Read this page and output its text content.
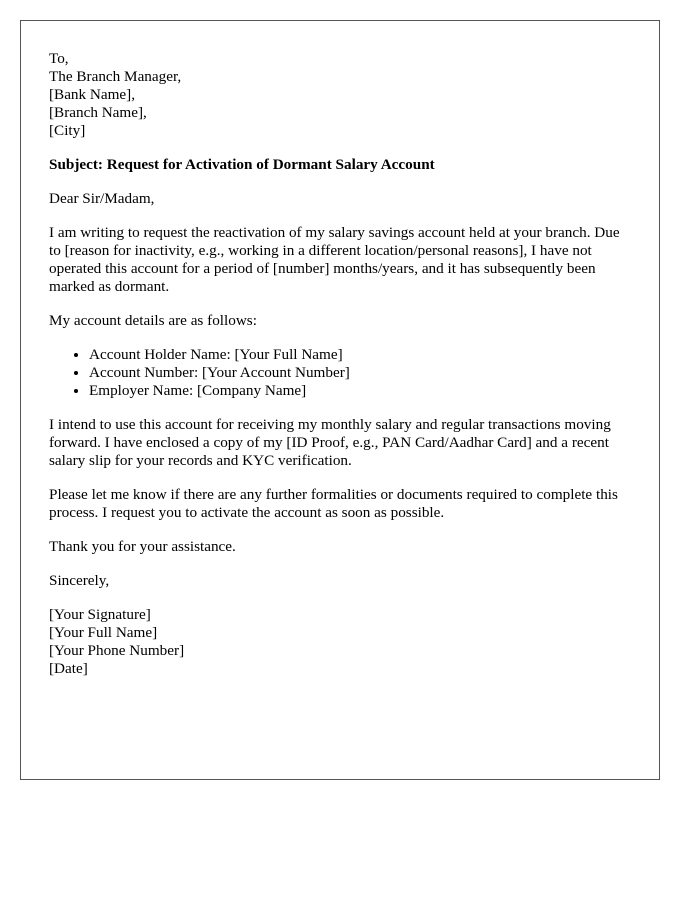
To,
The Branch Manager,
[Bank Name],
[Branch Name],
[City]

Subject: Request for Activation of Dormant Salary Account

Dear Sir/Madam,

I am writing to request the reactivation of my salary savings account held at your branch. Due to [reason for inactivity, e.g., working in a different location/personal reasons], I have not operated this account for a period of [number] months/years, and it has subsequently been marked as dormant.

My account details are as follows:

• Account Holder Name: [Your Full Name]
• Account Number: [Your Account Number]
• Employer Name: [Company Name]

I intend to use this account for receiving my monthly salary and regular transactions moving forward. I have enclosed a copy of my [ID Proof, e.g., PAN Card/Aadhar Card] and a recent salary slip for your records and KYC verification.

Please let me know if there are any further formalities or documents required to complete this process. I request you to activate the account as soon as possible.

Thank you for your assistance.

Sincerely,

[Your Signature]
[Your Full Name]
[Your Phone Number]
[Date]
